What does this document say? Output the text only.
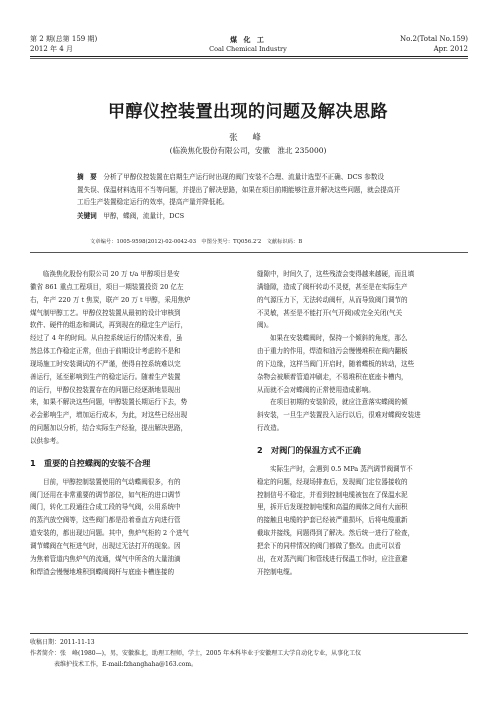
第 2 期(总第 159 期)
2012 年 4 月
煤 化 工
Coal Chemical Industry
No.2(Total No.159)
Apr. 2012
甲醇仪控装置出现的问题及解决思路
张 峰
(临涣焦化股份有限公司，安徽　淮北 235000)
摘　要　 分析了甲醇仪控装置在启期生产运行时出现的阀门安装不合理、流量计选型不正确、DCS 参数设
置失误、保温材料选用不当等问题，并提出了解决思路，如果在项目前期能够注意并解决这些问题，就会提高开
工后生产装置稳定运行的效率，提高产量并降低耗。
关键词　 甲醇，蝶阀，流量计，DCS
文章编号：1005-9598(2012)-02-0042-03　中图分类号：TQ056.2'2　文献标识码：B
临涣焦化股份有限公司 20 万 t/a 甲醇项目是安
徽省 861 重点工程项目，项目一期装置投资 20 亿左
右，年产 220 万 t 焦炭，联产 20 万 t 甲醇，采用焦炉
煤气制甲醇工艺。甲醇仪控装置从最初的设计审核到
软件、硬件的组态和调试，再到现在的稳定生产运行，
经过了 4 年的时间。从自控系统运行的情况来看，虽
然总体工作稳定正常，但由于前期设计考虑的不是和
现场施工时安装调试的不严谨，使得自控系统难以完
善运行，延至影响到生产的稳定运行。随着生产装置
的运行，甲醇仪控装置存在的问题已经逐渐地显现出
来，如果不解决这些问题，甲醇装置长期运行下去，势
必会影响生产，增加运行成本，为此，对这些已经出现
的问题加以分析，结合实际生产经验，提出解决思路，
以供参考。
1　重要的自控蝶阀的安装不合理
目前，甲醇控制装置使用的气动蝶阀很多，有的
阀门还用在非常重要的调节部位，如气柜的进口调节
阀门，转化工段通往合成工段的导气阀，公用系统中
的蒸汽放空阀等，这些阀门都是沿着垂直方向进行管
道安装的，都出现过问题。其中，焦炉气柜的 2 个进气
调节蝶阀在气柜进气时，出现过无法打开的现象。因
为焦着管道内焦炉气的流通，煤气中所含的大量油滴
和焊渣会慢慢地堆积到蝶阀阀杆与底座卡槽连接的
缝隙中，时间久了，这些残渣会变得越来越硬，而且填
满缝隙，造成了阀杆转动不灵便，甚至是在实际生产
的气源压力下，无法转动阀杆，从而导致阀门调节的
不灵敏，甚至是不能打开(气开阀)或完全关闭(气关
阀)。
如果在安装蝶阀时，保持一个倾斜的角度，那么
由于重力的作用，焊渣和油污会慢慢堆积在阀内翻板
的下边缘，这样当阀门开启时，随着蝶板的转动，这些
杂物会被顺着管道冲刷走，不易堆积在底座卡槽内，
从而就不会对蝶阀的正常使用造成影响。
在项目初期的安装阶段，就应注意落实蝶阀的倾
斜安装，一旦生产装置投入运行以后，很难对蝶阀安装进
行改造。
2　对阀门的保温方式不正确
实际生产时，会遇到 0.5 MPa 蒸汽调节阀调节不
稳定的问题，经现场排查后，发现阀门定位器接收的
控制信号不稳定，并看到控制电缆被包在了保温水泥
里，拆开后发现控制电缆和高温的阀体之间有大面积
的接触且电缆的护套已经被严重损坏，后将电缆重新
截取并接线，问题得到了解决。然后统一进行了检查，
把余下的同样情况的阀门都做了整改。由此可以看
出，在对蒸汽阀门和管线进行保温工作时，应注意避
开控制电缆。
收稿日期：2011-11-13
作者简介：张　峰(1980—)，男，安徽淮北，助理工程师，学士，2005 年本科毕业于安徽理工大学自动化专业，从事化工仪
表维护技术工作，E-mail:fzhanghaha@163.com。
